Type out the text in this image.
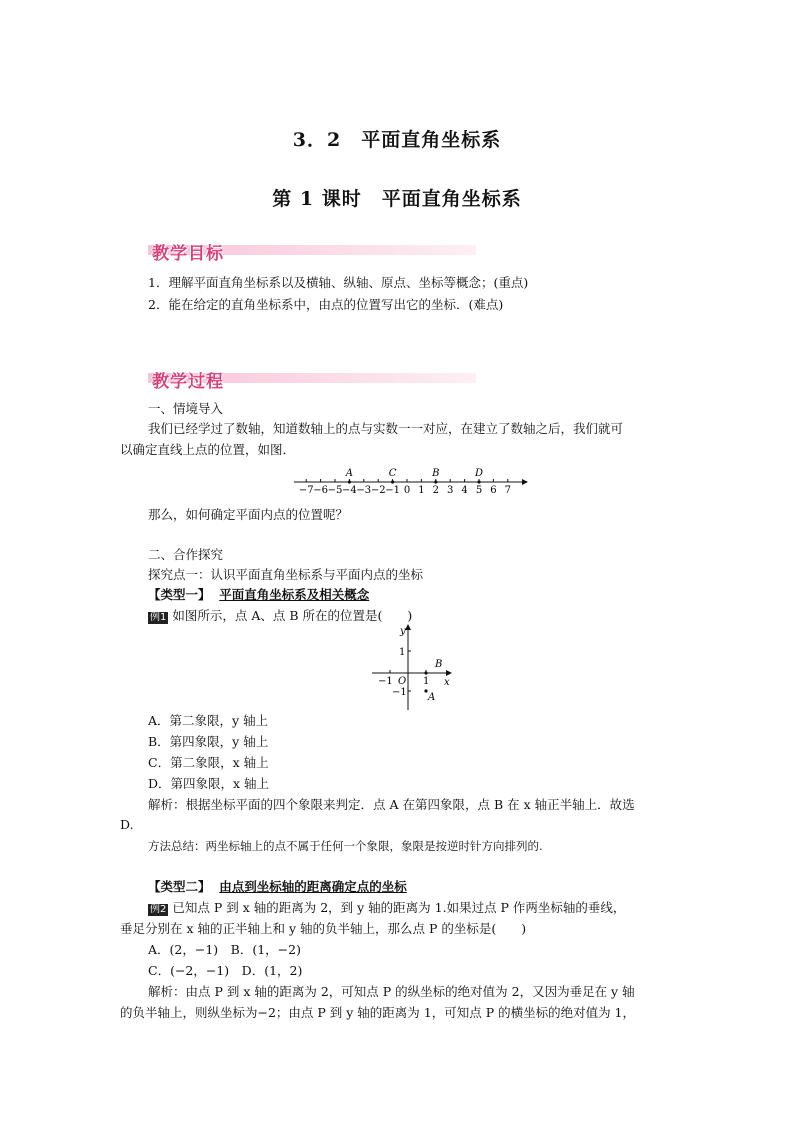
3．2　平面直角坐标系
第 1 课时　平面直角坐标系
教学目标
1．理解平面直角坐标系以及横轴、纵轴、原点、坐标等概念；(重点)
2．能在给定的直角坐标系中，由点的位置写出它的坐标．(难点)
教学过程
一、情境导入
我们已经学过了数轴，知道数轴上的点与实数一一对应，在建立了数轴之后，我们就可
以确定直线上点的位置，如图．
−7 −6 −5 −4 −3 −2 −1 0 1 2 3 4 5 6 7
A	C	B	D
那么，如何确定平面内点的位置呢？
二、合作探究
探究点一：认识平面直角坐标系与平面内点的坐标
【类型一】 平面直角坐标系及相关概念
例1 如图所示，点 A、点 B 所在的位置是(　　)
y
x
1
−1
−1 O 1
B
A
A．第二象限，y 轴上
B．第四象限，y 轴上
C．第二象限，x 轴上
D．第四象限，x 轴上
解析：根据坐标平面的四个象限来判定．点 A 在第四象限，点 B 在 x 轴正半轴上．故选
D.
方法总结：两坐标轴上的点不属于任何一个象限，象限是按逆时针方向排列的.
【类型二】 由点到坐标轴的距离确定点的坐标
例2 已知点 P 到 x 轴的距离为 2，到 y 轴的距离为 1.如果过点 P 作两坐标轴的垂线，
垂足分别在 x 轴的正半轴上和 y 轴的负半轴上，那么点 P 的坐标是(　　)
A．(2，−1)　B．(1，−2)
C．(−2，−1)　D．(1，2)
解析：由点 P 到 x 轴的距离为 2，可知点 P 的纵坐标的绝对值为 2，又因为垂足在 y 轴
的负半轴上，则纵坐标为−2；由点 P 到 y 轴的距离为 1，可知点 P 的横坐标的绝对值为 1，
